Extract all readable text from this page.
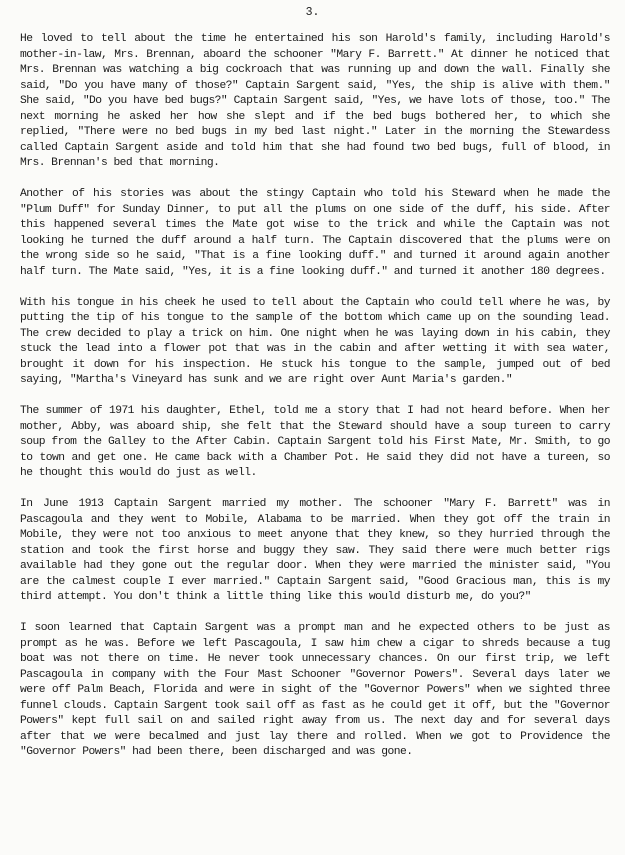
3.

He loved to tell about the time he entertained his son Harold's family, including Harold's mother-in-law, Mrs. Brennan, aboard the schooner "Mary F. Barrett." At dinner he noticed that Mrs. Brennan was watching a big cockroach that was running up and down the wall. Finally she said, "Do you have many of those?" Captain Sargent said, "Yes, the ship is alive with them." She said, "Do you have bed bugs?" Captain Sargent said, "Yes, we have lots of those, too." The next morning he asked her how she slept and if the bed bugs bothered her, to which she replied, "There were no bed bugs in my bed last night." Later in the morning the Stewardess called Captain Sargent aside and told him that she had found two bed bugs, full of blood, in Mrs. Brennan's bed that morning.

Another of his stories was about the stingy Captain who told his Steward when he made the "Plum Duff" for Sunday Dinner, to put all the plums on one side of the duff, his side. After this happened several times the Mate got wise to the trick and while the Captain was not looking he turned the duff around a half turn. The Captain discovered that the plums were on the wrong side so he said, "That is a fine looking duff." and turned it around again another half turn. The Mate said, "Yes, it is a fine looking duff." and turned it another 180 degrees.

With his tongue in his cheek he used to tell about the Captain who could tell where he was, by putting the tip of his tongue to the sample of the bottom which came up on the sounding lead. The crew decided to play a trick on him. One night when he was laying down in his cabin, they stuck the lead into a flower pot that was in the cabin and after wetting it with sea water, brought it down for his inspection. He stuck his tongue to the sample, jumped out of bed saying, "Martha's Vineyard has sunk and we are right over Aunt Maria's garden."

The summer of 1971 his daughter, Ethel, told me a story that I had not heard before. When her mother, Abby, was aboard ship, she felt that the Steward should have a soup tureen to carry soup from the Galley to the After Cabin. Captain Sargent told his First Mate, Mr. Smith, to go to town and get one. He came back with a Chamber Pot. He said they did not have a tureen, so he thought this would do just as well.

In June 1913 Captain Sargent married my mother. The schooner "Mary F. Barrett" was in Pascagoula and they went to Mobile, Alabama to be married. When they got off the train in Mobile, they were not too anxious to meet anyone that they knew, so they hurried through the station and took the first horse and buggy they saw. They said there were much better rigs available had they gone out the regular door. When they were married the minister said, "You are the calmest couple I ever married." Captain Sargent said, "Good Gracious man, this is my third attempt. You don't think a little thing like this would disturb me, do you?"

I soon learned that Captain Sargent was a prompt man and he expected others to be just as prompt as he was. Before we left Pascagoula, I saw him chew a cigar to shreds because a tug boat was not there on time. He never took unnecessary chances. On our first trip, we left Pascagoula in company with the Four Mast Schooner "Governor Powers". Several days later we were off Palm Beach, Florida and were in sight of the "Governor Powers" when we sighted three funnel clouds. Captain Sargent took sail off as fast as he could get it off, but the "Governor Powers" kept full sail on and sailed right away from us. The next day and for several days after that we were becalmed and just lay there and rolled. When we got to Providence the "Governor Powers" had been there, been discharged and was gone.
